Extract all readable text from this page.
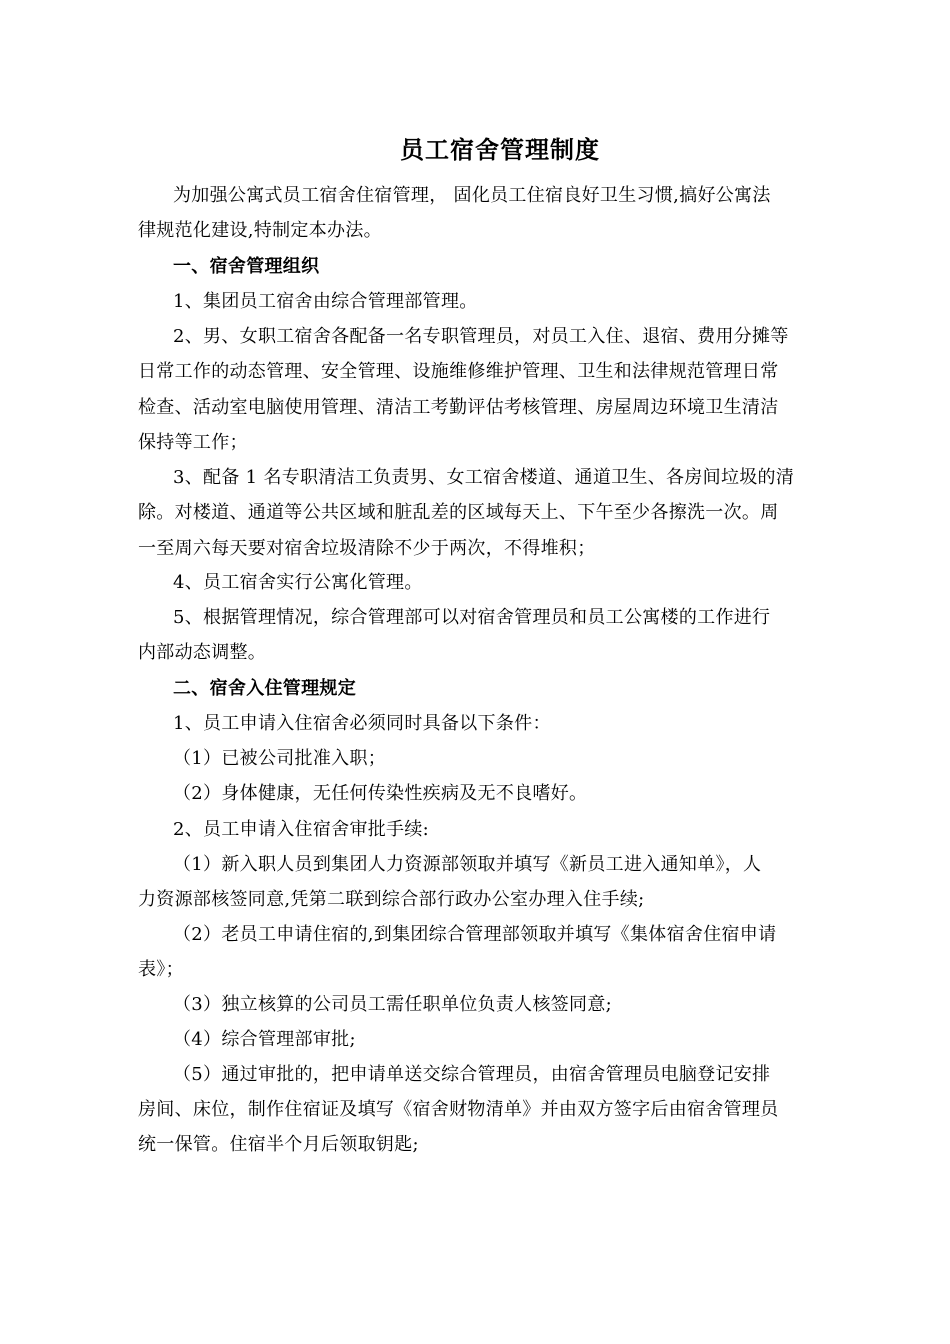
员工宿舍管理制度
为加强公寓式员工宿舍住宿管理， 固化员工住宿良好卫生习惯,搞好公寓法
律规范化建设,特制定本办法。
一、宿舍管理组织
1、集团员工宿舍由综合管理部管理。
2、男、女职工宿舍各配备一名专职管理员，对员工入住、退宿、费用分摊等
日常工作的动态管理、安全管理、设施维修维护管理、卫生和法律规范管理日常
检查、活动室电脑使用管理、清洁工考勤评估考核管理、房屋周边环境卫生清洁
保持等工作；
3、配备 1 名专职清洁工负责男、女工宿舍楼道、通道卫生、各房间垃圾的清
除。对楼道、通道等公共区域和脏乱差的区域每天上、下午至少各擦洗一次。周
一至周六每天要对宿舍垃圾清除不少于两次，不得堆积；
4、员工宿舍实行公寓化管理。
5、根据管理情况，综合管理部可以对宿舍管理员和员工公寓楼的工作进行
内部动态调整。
二、宿舍入住管理规定
1、员工申请入住宿舍必须同时具备以下条件：
（1）已被公司批准入职；
（2）身体健康，无任何传染性疾病及无不良嗜好。
2、员工申请入住宿舍审批手续:
（1）新入职人员到集团人力资源部领取并填写《新员工进入通知单》，人
力资源部核签同意,凭第二联到综合部行政办公室办理入住手续;
（2）老员工申请住宿的,到集团综合管理部领取并填写《集体宿舍住宿申请
表》；
（3）独立核算的公司员工需任职单位负责人核签同意;
（4）综合管理部审批;
（5）通过审批的，把申请单送交综合管理员，由宿舍管理员电脑登记安排
房间、床位，制作住宿证及填写《宿舍财物清单》并由双方签字后由宿舍管理员
统一保管。住宿半个月后领取钥匙;
